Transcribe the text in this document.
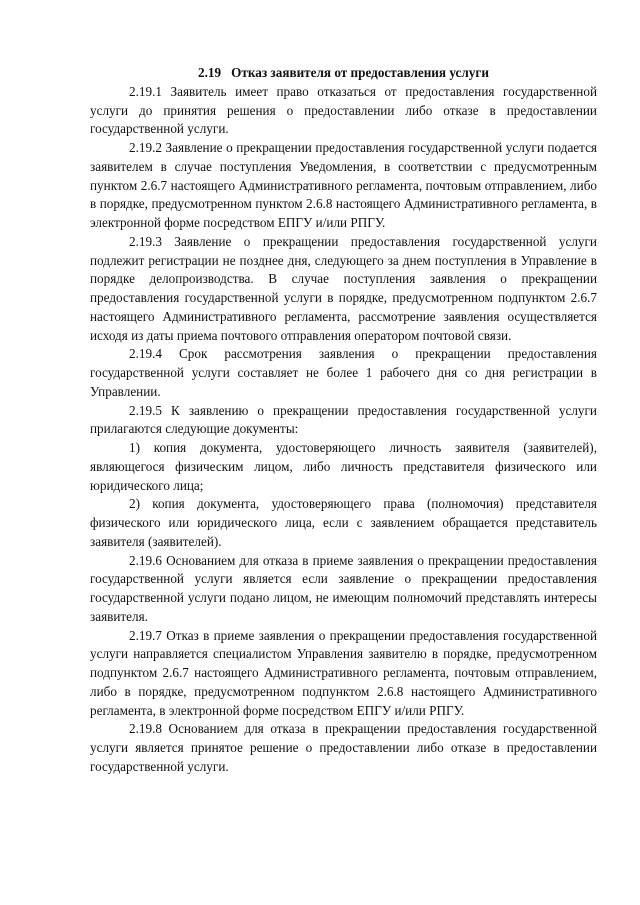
2.19 Отказ заявителя от предоставления услуги

2.19.1 Заявитель имеет право отказаться от предоставления государственной услуги до принятия решения о предоставлении либо отказе в предоставлении государственной услуги.

2.19.2 Заявление о прекращении предоставления государственной услуги подается заявителем в случае поступления Уведомления, в соответствии с предусмотренным пунктом 2.6.7 настоящего Административного регламента, почтовым отправлением, либо в порядке, предусмотренном пунктом 2.6.8 настоящего Административного регламента, в электронной форме посредством ЕПГУ и/или РПГУ.

2.19.3 Заявление о прекращении предоставления государственной услуги подлежит регистрации не позднее дня, следующего за днем поступления в Управление в порядке делопроизводства. В случае поступления заявления о прекращении предоставления государственной услуги в порядке, предусмотренном подпунктом 2.6.7 настоящего Административного регламента, рассмотрение заявления осуществляется исходя из даты приема почтового отправления оператором почтовой связи.

2.19.4 Срок рассмотрения заявления о прекращении предоставления государственной услуги составляет не более 1 рабочего дня со дня регистрации в Управлении.

2.19.5 К заявлению о прекращении предоставления государственной услуги прилагаются следующие документы:

1) копия документа, удостоверяющего личность заявителя (заявителей), являющегося физическим лицом, либо личность представителя физического или юридического лица;

2) копия документа, удостоверяющего права (полномочия) представителя физического или юридического лица, если с заявлением обращается представитель заявителя (заявителей).

2.19.6 Основанием для отказа в приеме заявления о прекращении предоставления государственной услуги является если заявление о прекращении предоставления государственной услуги подано лицом, не имеющим полномочий представлять интересы заявителя.

2.19.7 Отказ в приеме заявления о прекращении предоставления государственной услуги направляется специалистом Управления заявителю в порядке, предусмотренном подпунктом 2.6.7 настоящего Административного регламента, почтовым отправлением, либо в порядке, предусмотренном подпунктом 2.6.8 настоящего Административного регламента, в электронной форме посредством ЕПГУ и/или РПГУ.

2.19.8 Основанием для отказа в прекращении предоставления государственной услуги является принятое решение о предоставлении либо отказе в предоставлении государственной услуги.
